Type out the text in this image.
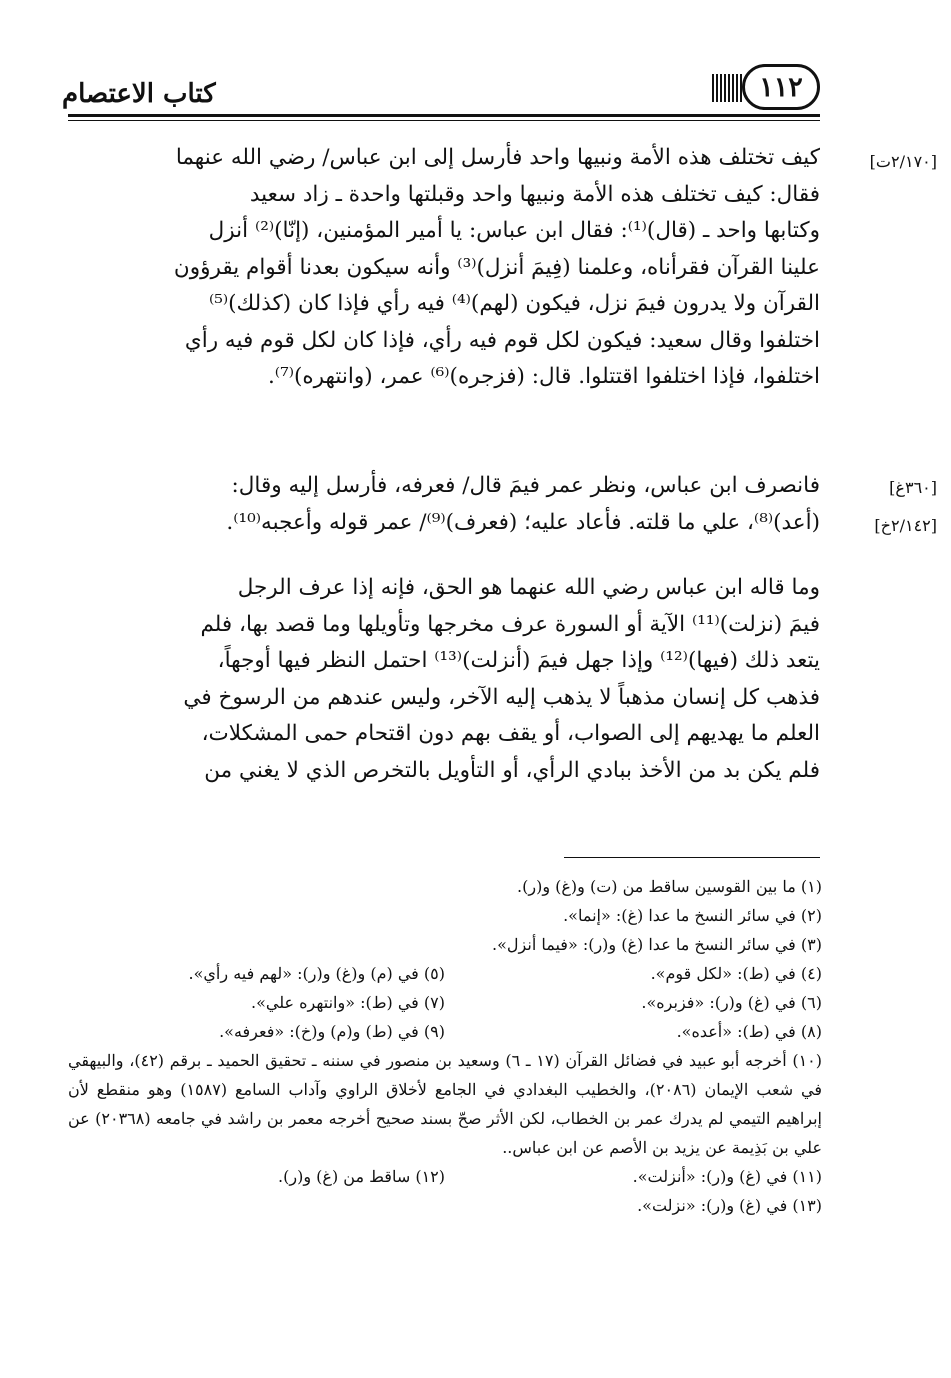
كتاب الاعتصام	١١٢
[٢/١٧٠ت]
[٣٦٠غ]
[٢/١٤٢خ]

كيف تختلف هذه الأمة ونبيها واحد فأرسل إلى ابن عباس/ رضي الله عنهما
فقال: كيف تختلف هذه الأمة ونبيها واحد وقبلتها واحدة ـ زاد سعيد
وكتابها واحد ـ (قال)⁽¹⁾: فقال ابن عباس: يا أمير المؤمنين، (إنّا)⁽²⁾ أنزل
علينا القرآن فقرأناه، وعلمنا (فِيمَ أنزل)⁽³⁾ وأنه سيكون بعدنا أقوام يقرؤون
القرآن ولا يدرون فيمَ نزل، فيكون (لهم)⁽⁴⁾ فيه رأي فإذا كان (كذلك)⁽⁵⁾
اختلفوا وقال سعيد: فيكون لكل قوم فيه رأي، فإذا كان لكل قوم فيه رأي
اختلفوا، فإذا اختلفوا اقتتلوا. قال: (فزجره)⁽⁶⁾ عمر، (وانتهره)⁽⁷⁾.

فانصرف ابن عباس، ونظر عمر فيمَ قال/ فعرفه، فأرسل إليه وقال:
(أعد)⁽⁸⁾، علي ما قلته. فأعاد عليه؛ (فعرف)⁽⁹⁾/ عمر قوله وأعجبه⁽¹⁰⁾.

وما قاله ابن عباس رضي الله عنهما هو الحق، فإنه إذا عرف الرجل
فيمَ (نزلت)⁽¹¹⁾ الآية أو السورة عرف مخرجها وتأويلها وما قصد بها، فلم
يتعد ذلك (فيها)⁽¹²⁾ وإذا جهل فيمَ (أنزلت)⁽¹³⁾ احتمل النظر فيها أوجهاً،
فذهب كل إنسان مذهباً لا يذهب إليه الآخر، وليس عندهم من الرسوخ في
العلم ما يهديهم إلى الصواب، أو يقف بهم دون اقتحام حمى المشكلات،
فلم يكن بد من الأخذ ببادي الرأي، أو التأويل بالتخرص الذي لا يغني من

(١) ما بين القوسين ساقط من (ت) و(غ) و(ر).
(٢) في سائر النسخ ما عدا (غ): «إنما».
(٣) في سائر النسخ ما عدا (غ) و(ر): «فيما أنزل».
(٤) في (ط): «لكل قوم».
(٥) في (م) و(غ) و(ر): «لهم فيه رأي».
(٦) في (غ) و(ر): «فزبره».
(٧) في (ط): «وانتهره علي».
(٨) في (ط): «أعده».
(٩) في (ط) و(م) و(خ): «فعرفه».
(١٠) أخرجه أبو عبيد في فضائل القرآن (١٧ ـ ٦) وسعيد بن منصور في سننه ـ تحقيق الحميد ـ برقم (٤٢)، والبيهقي في شعب الإيمان (٢٠٨٦)، والخطيب البغدادي في الجامع لأخلاق الراوي وآداب السامع (١٥٨٧) وهو منقطع لأن إبراهيم التيمي لم يدرك عمر بن الخطاب، لكن الأثر صحّ بسند صحيح أخرجه معمر بن راشد في جامعه (٢٠٣٦٨) عن علي بن بَذِيمة عن يزيد بن الأصم عن ابن عباس..
(١١) في (غ) و(ر): «أنزلت».
(١٢) ساقط من (غ) و(ر).
(١٣) في (غ) و(ر): «نزلت».
